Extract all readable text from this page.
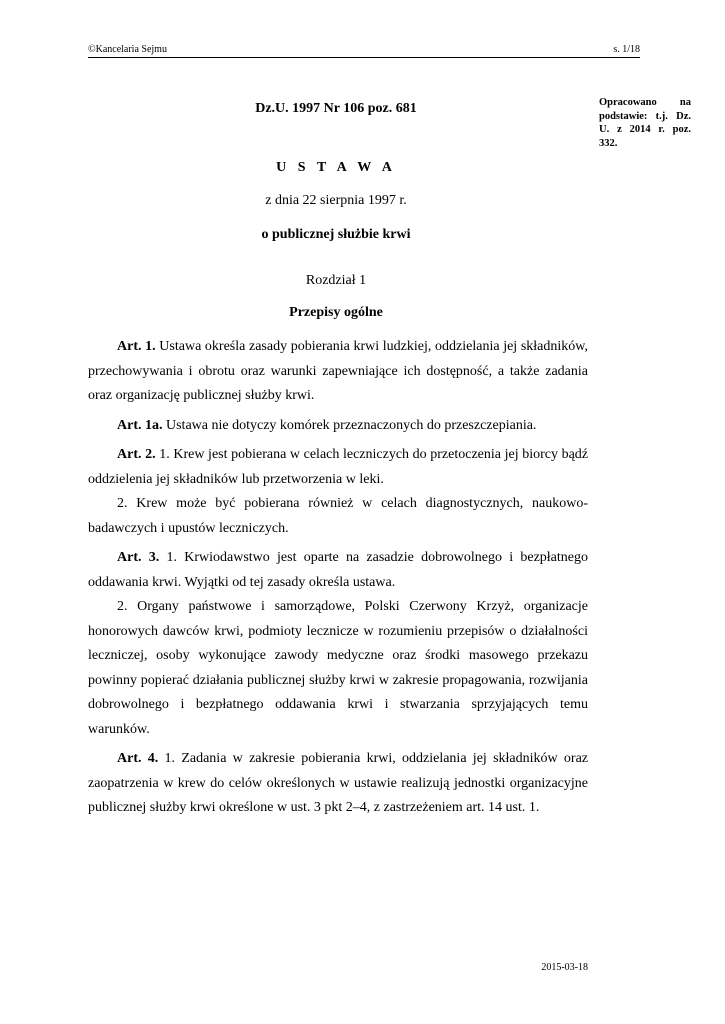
©Kancelaria Sejmu	s. 1/18
Opracowano na podstawie: t.j. Dz. U. z 2014 r. poz. 332.
Dz.U. 1997 Nr 106 poz. 681
U S T A W A
z dnia 22 sierpnia 1997 r.
o publicznej służbie krwi
Rozdział 1
Przepisy ogólne

Art. 1. Ustawa określa zasady pobierania krwi ludzkiej, oddzielania jej składników, przechowywania i obrotu oraz warunki zapewniające ich dostępność, a także zadania oraz organizację publicznej służby krwi.

Art. 1a. Ustawa nie dotyczy komórek przeznaczonych do przeszczepiania.

Art. 2. 1. Krew jest pobierana w celach leczniczych do przetoczenia jej biorcy bądź oddzielenia jej składników lub przetworzenia w leki.

2. Krew może być pobierana również w celach diagnostycznych, naukowo-badawczych i upustów leczniczych.

Art. 3. 1. Krwiodawstwo jest oparte na zasadzie dobrowolnego i bezpłatnego oddawania krwi. Wyjątki od tej zasady określa ustawa.

2. Organy państwowe i samorządowe, Polski Czerwony Krzyż, organizacje honorowych dawców krwi, podmioty lecznicze w rozumieniu przepisów o działalności leczniczej, osoby wykonujące zawody medyczne oraz środki masowego przekazu powinny popierać działania publicznej służby krwi w zakresie propagowania, rozwijania dobrowolnego i bezpłatnego oddawania krwi i stwarzania sprzyjających temu warunków.

Art. 4. 1. Zadania w zakresie pobierania krwi, oddzielania jej składników oraz zaopatrzenia w krew do celów określonych w ustawie realizują jednostki organizacyjne publicznej służby krwi określone w ust. 3 pkt 2–4, z zastrzeżeniem art. 14 ust. 1.

2015-03-18
